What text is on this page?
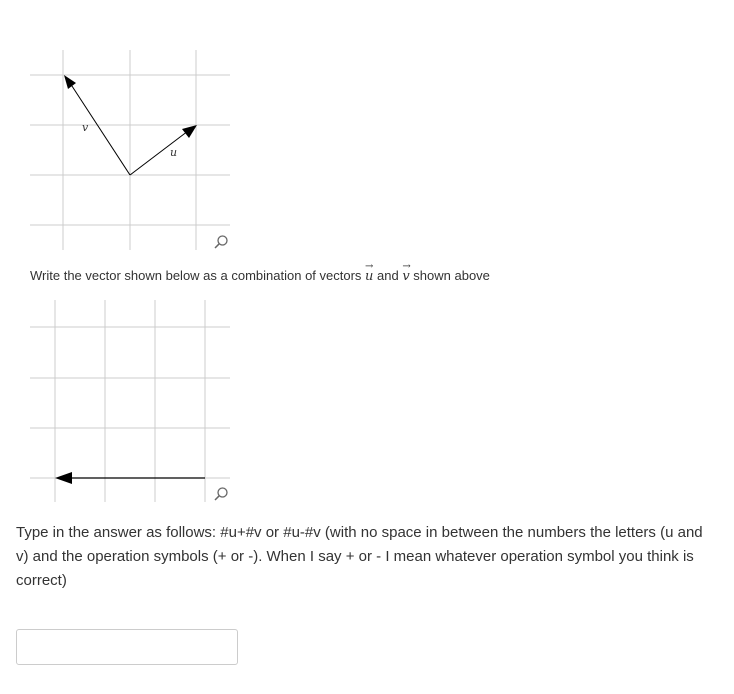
v
u
Write the vector shown below as a combination of vectors → u and → v shown above
Type in the answer as follows: #u+#v or #u-#v (with no space in between the numbers the letters (u and v) and the operation symbols (+ or -). When I say + or - I mean whatever operation symbol you think is correct)
